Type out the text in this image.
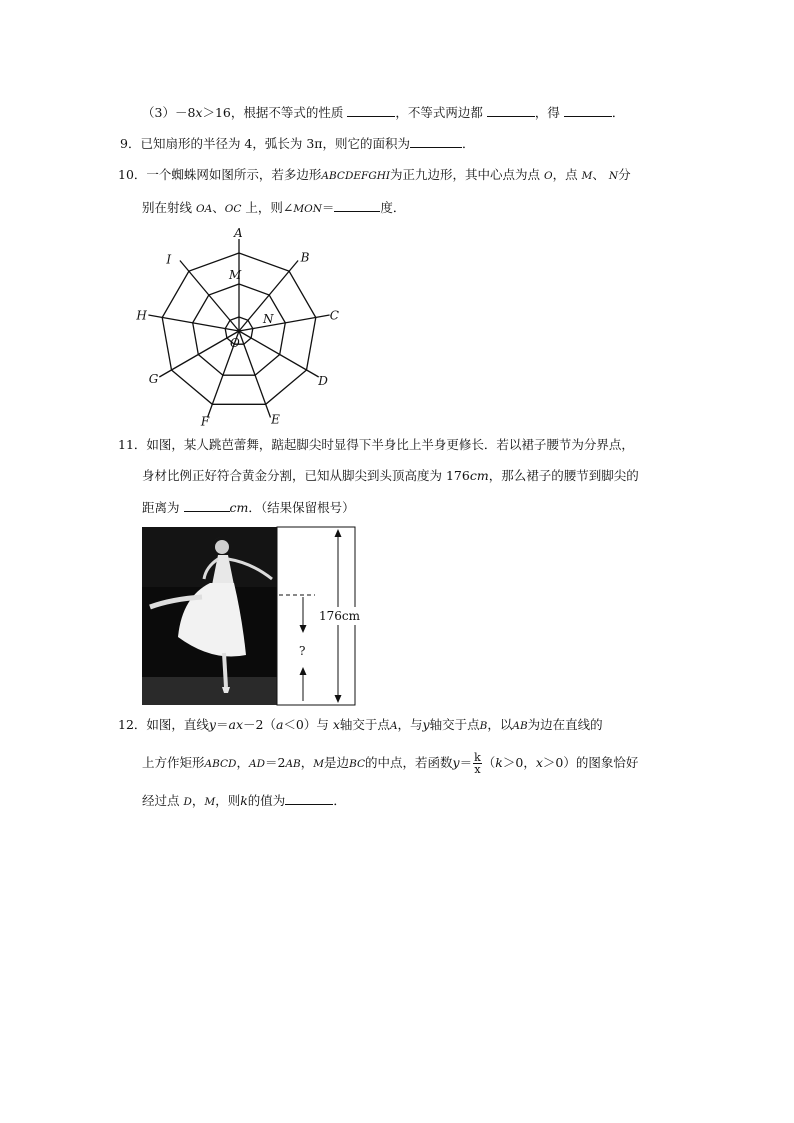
（3）－8x＞16，根据不等式的性质	，不等式两边都	，得	．
9．已知扇形的半径为 4，弧长为 3π，则它的面积为	．
10．一个蜘蛛网如图所示，若多边形ABCDEFGHI为正九边形，其中心点为点 O，点 M、 N分
别在射线 OA、OC 上，则∠MON＝	度．
A
B
C
D
E
F
G
H
I
M
N
O
11．如图，某人跳芭蕾舞，踮起脚尖时显得下半身比上半身更修长．若以裙子腰节为分界点，
身材比例正好符合黄金分割，已知从脚尖到头顶高度为 176cm，那么裙子的腰节到脚尖的
距离为	cm．（结果保留根号）
?
176cm
12．如图，直线y＝ax－2（a＜0）与 x轴交于点A，与y轴交于点B，以AB为边在直线的
上方作矩形ABCD，AD＝2AB，M是边BC的中点，若函数$y= \frac{k}{x} (k>0$，x＞0）的图象恰好
经过点 D，M，则k的值为	．
